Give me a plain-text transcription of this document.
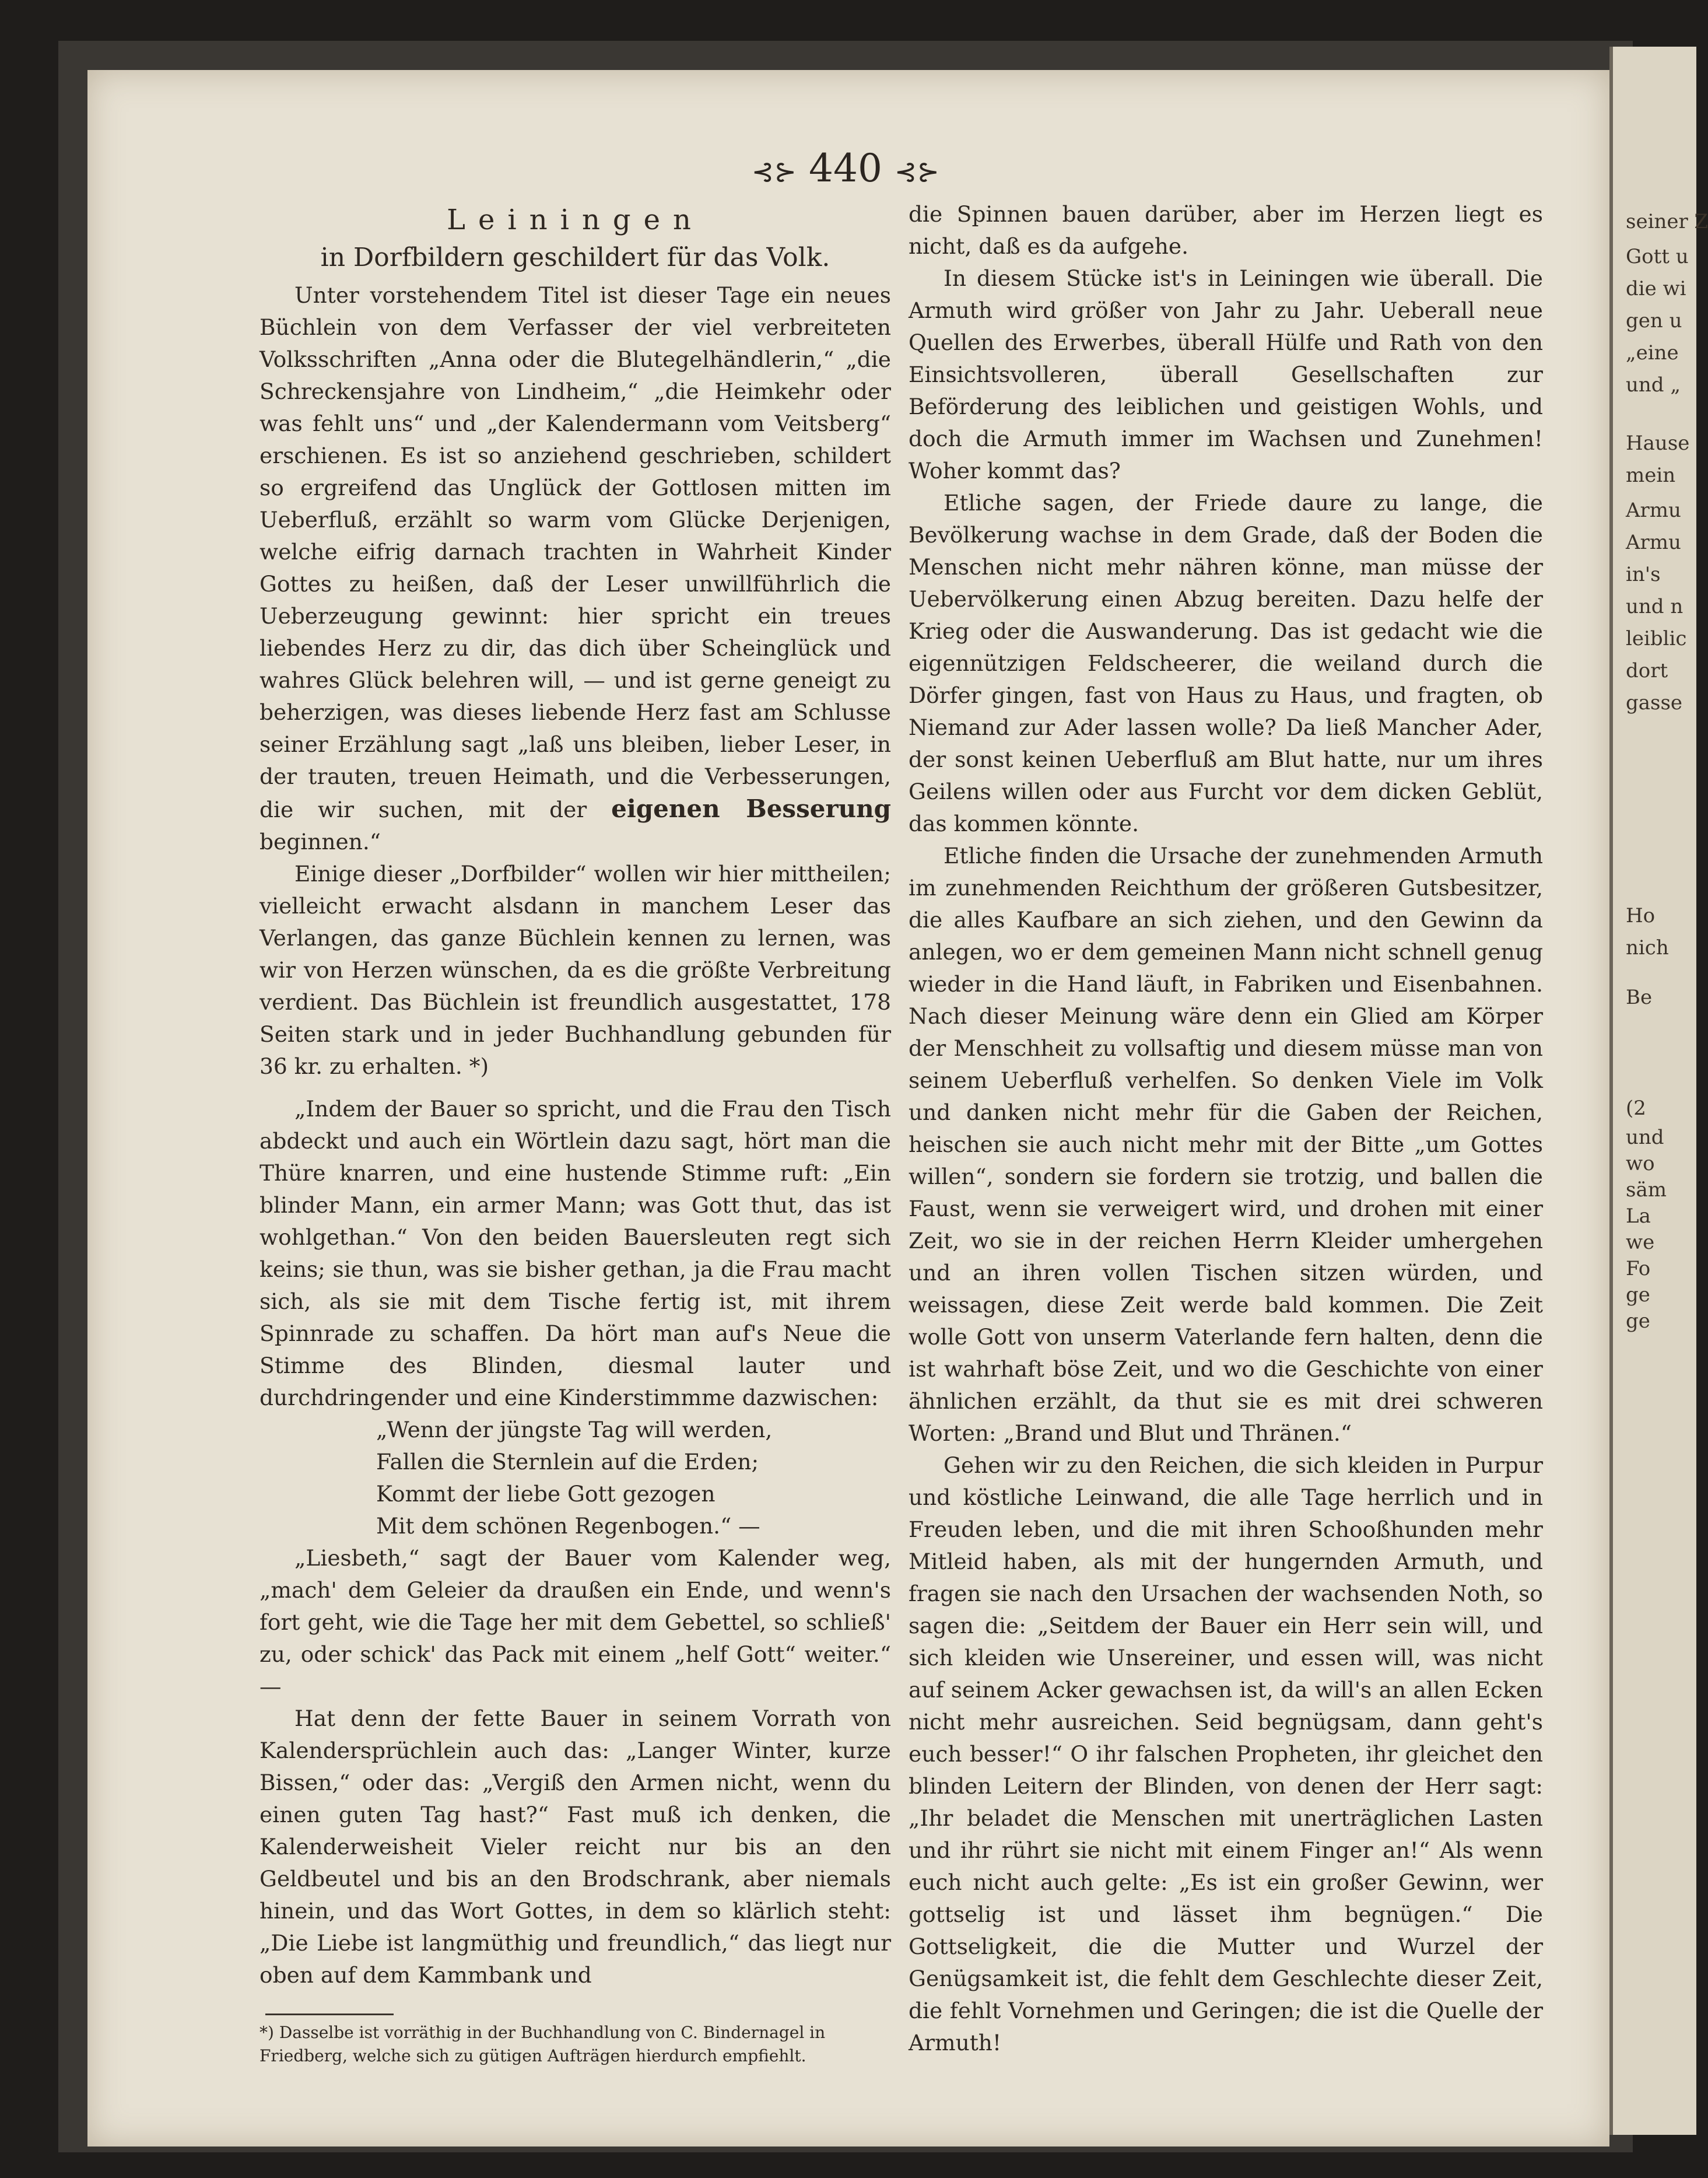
seiner Z
Gott u
die wi
gen u
„eine
und „
Hause
mein
Armu
Armu
in's
und n
leiblic
dort
gasse
Ho
nich
Be
(2
und
wo
säm
La
we
Fo
ge
ge
⊰⊱ 440 ⊰⊱

Leiningen

in Dorfbildern geschildert für das Volk.

Unter vorstehendem Titel ist dieser Tage ein neues Büchlein von dem Verfasser der viel verbreiteten Volksschriften „Anna oder die Blutegelhändlerin,“ „die Schreckensjahre von Lindheim,“ „die Heimkehr oder was fehlt uns“ und „der Kalendermann vom Veitsberg“ erschienen. Es ist so anziehend geschrieben, schildert so ergreifend das Unglück der Gottlosen mitten im Ueberfluß, erzählt so warm vom Glücke Derjenigen, welche eifrig darnach trachten in Wahrheit Kinder Gottes zu heißen, daß der Leser unwillführlich die Ueberzeugung gewinnt: hier spricht ein treues liebendes Herz zu dir, das dich über Scheinglück und wahres Glück belehren will, — und ist gerne geneigt zu beherzigen, was dieses liebende Herz fast am Schlusse seiner Erzählung sagt „laß uns bleiben, lieber Leser, in der trauten, treuen Heimath, und die Verbesserungen, die wir suchen, mit der eigenen Besserung beginnen.“

Einige dieser „Dorfbilder“ wollen wir hier mittheilen; vielleicht erwacht alsdann in manchem Leser das Verlangen, das ganze Büchlein kennen zu lernen, was wir von Herzen wünschen, da es die größte Verbreitung verdient. Das Büchlein ist freundlich ausgestattet, 178 Seiten stark und in jeder Buchhandlung gebunden für 36 kr. zu erhalten. *)

„Indem der Bauer so spricht, und die Frau den Tisch abdeckt und auch ein Wörtlein dazu sagt, hört man die Thüre knarren, und eine hustende Stimme ruft: „Ein blinder Mann, ein armer Mann; was Gott thut, das ist wohlgethan.“ Von den beiden Bauersleuten regt sich keins; sie thun, was sie bisher gethan, ja die Frau macht sich, als sie mit dem Tische fertig ist, mit ihrem Spinnrade zu schaffen. Da hört man auf's Neue die Stimme des Blinden, diesmal lauter und durchdringender und eine Kinderstimmme dazwischen:

„Wenn der jüngste Tag will werden,

Fallen die Sternlein auf die Erden;

Kommt der liebe Gott gezogen

Mit dem schönen Regenbogen.“ —

„Liesbeth,“ sagt der Bauer vom Kalender weg, „mach' dem Geleier da draußen ein Ende, und wenn's fort geht, wie die Tage her mit dem Gebettel, so schließ' zu, oder schick' das Pack mit einem „helf Gott“ weiter.“ —

Hat denn der fette Bauer in seinem Vorrath von Kalendersprüchlein auch das: „Langer Winter, kurze Bissen,“ oder das: „Vergiß den Armen nicht, wenn du einen guten Tag hast?“ Fast muß ich denken, die Kalenderweisheit Vieler reicht nur bis an den Geldbeutel und bis an den Brodschrank, aber niemals hinein, und das Wort Gottes, in dem so klärlich steht: „Die Liebe ist langmüthig und freundlich,“ das liegt nur oben auf dem Kammbank und

*) Dasselbe ist vorräthig in der Buchhandlung von C. Bindernagel in Friedberg, welche sich zu gütigen Aufträgen hierdurch empfiehlt.

die Spinnen bauen darüber, aber im Herzen liegt es nicht, daß es da aufgehe.

In diesem Stücke ist's in Leiningen wie überall. Die Armuth wird größer von Jahr zu Jahr. Ueberall neue Quellen des Erwerbes, überall Hülfe und Rath von den Einsichtsvolleren, überall Gesellschaften zur Beförderung des leiblichen und geistigen Wohls, und doch die Armuth immer im Wachsen und Zunehmen! Woher kommt das?

Etliche sagen, der Friede daure zu lange, die Bevölkerung wachse in dem Grade, daß der Boden die Menschen nicht mehr nähren könne, man müsse der Uebervölkerung einen Abzug bereiten. Dazu helfe der Krieg oder die Auswanderung. Das ist gedacht wie die eigennützigen Feldscheerer, die weiland durch die Dörfer gingen, fast von Haus zu Haus, und fragten, ob Niemand zur Ader lassen wolle? Da ließ Mancher Ader, der sonst keinen Ueberfluß am Blut hatte, nur um ihres Geilens willen oder aus Furcht vor dem dicken Geblüt, das kommen könnte.

Etliche finden die Ursache der zunehmenden Armuth im zunehmenden Reichthum der größeren Gutsbesitzer, die alles Kaufbare an sich ziehen, und den Gewinn da anlegen, wo er dem gemeinen Mann nicht schnell genug wieder in die Hand läuft, in Fabriken und Eisenbahnen. Nach dieser Meinung wäre denn ein Glied am Körper der Menschheit zu vollsaftig und diesem müsse man von seinem Ueberfluß verhelfen. So denken Viele im Volk und danken nicht mehr für die Gaben der Reichen, heischen sie auch nicht mehr mit der Bitte „um Gottes willen“, sondern sie fordern sie trotzig, und ballen die Faust, wenn sie verweigert wird, und drohen mit einer Zeit, wo sie in der reichen Herrn Kleider umhergehen und an ihren vollen Tischen sitzen würden, und weissagen, diese Zeit werde bald kommen. Die Zeit wolle Gott von unserm Vaterlande fern halten, denn die ist wahrhaft böse Zeit, und wo die Geschichte von einer ähnlichen erzählt, da thut sie es mit drei schweren Worten: „Brand und Blut und Thränen.“

Gehen wir zu den Reichen, die sich kleiden in Purpur und köstliche Leinwand, die alle Tage herrlich und in Freuden leben, und die mit ihren Schooßhunden mehr Mitleid haben, als mit der hungernden Armuth, und fragen sie nach den Ursachen der wachsenden Noth, so sagen die: „Seitdem der Bauer ein Herr sein will, und sich kleiden wie Unsereiner, und essen will, was nicht auf seinem Acker gewachsen ist, da will's an allen Ecken nicht mehr ausreichen. Seid begnügsam, dann geht's euch besser!“ O ihr falschen Propheten, ihr gleichet den blinden Leitern der Blinden, von denen der Herr sagt: „Ihr beladet die Menschen mit unerträglichen Lasten und ihr rührt sie nicht mit einem Finger an!“ Als wenn euch nicht auch gelte: „Es ist ein großer Gewinn, wer gottselig ist und lässet ihm begnügen.“ Die Gottseligkeit, die die Mutter und Wurzel der Genügsamkeit ist, die fehlt dem Geschlechte dieser Zeit, die fehlt Vornehmen und Geringen; die ist die Quelle der Armuth!
